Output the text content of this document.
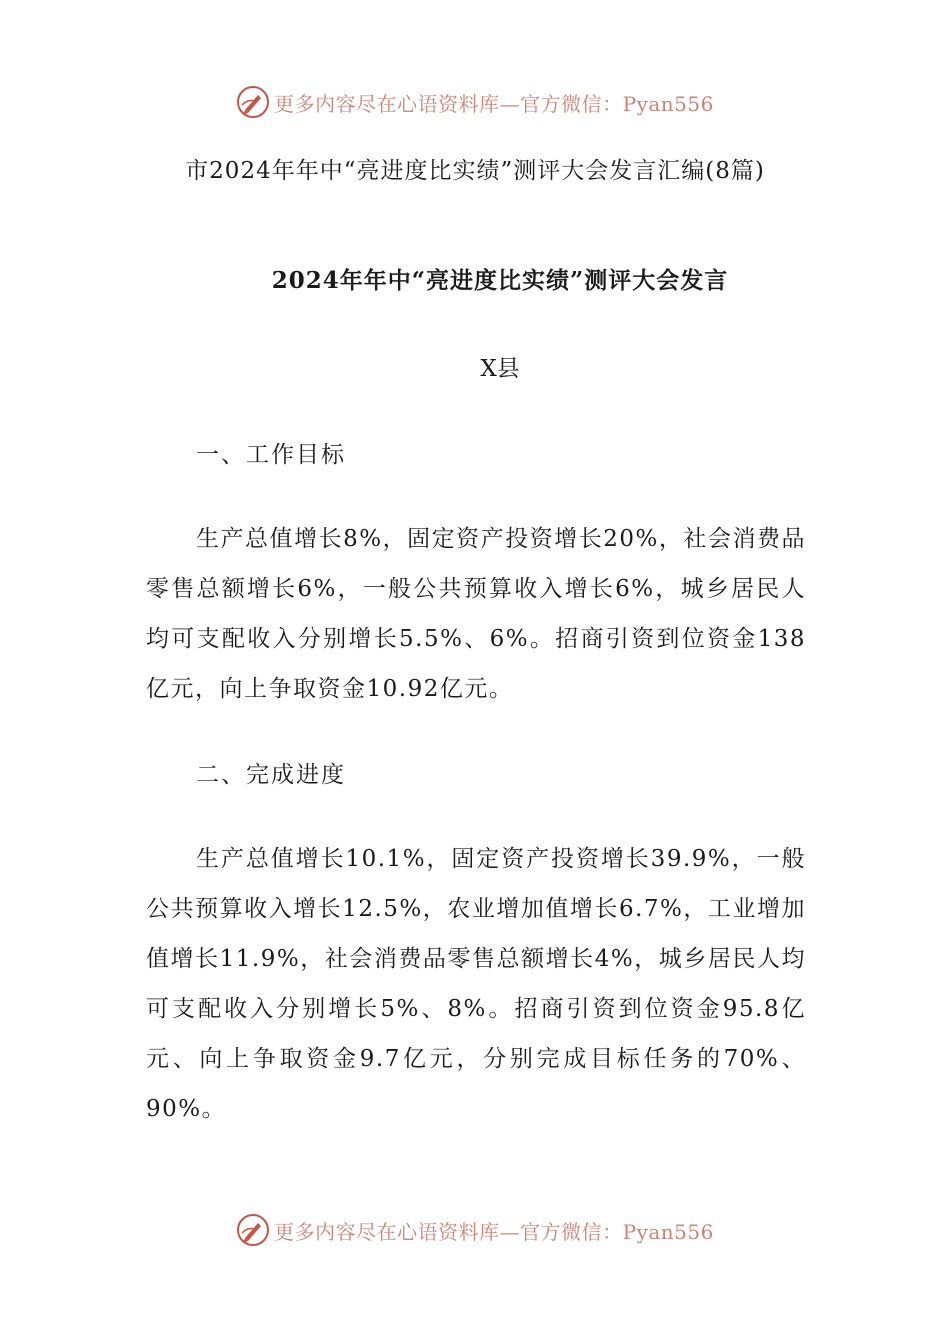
更多内容尽在心语资料库—官方微信：Pyan556
市2024年年中“亮进度比实绩”测评大会发言汇编(8篇)
2024年年中“亮进度比实绩”测评大会发言
X县
一、工作目标

生产总值增长8%，固定资产投资增长20%，社会消费品零售总额增长6%，一般公共预算收入增长6%，城乡居民人均可支配收入分别增长5.5%、6%。招商引资到位资金138亿元，向上争取资金10.92亿元。

二、完成进度

生产总值增长10.1%，固定资产投资增长39.9%，一般公共预算收入增长12.5%，农业增加值增长6.7%，工业增加值增长11.9%，社会消费品零售总额增长4%，城乡居民人均可支配收入分别增长5%、8%。招商引资到位资金95.8亿元、向上争取资金9.7亿元，分别完成目标任务的70%、90%。

更多内容尽在心语资料库—官方微信：Pyan556
